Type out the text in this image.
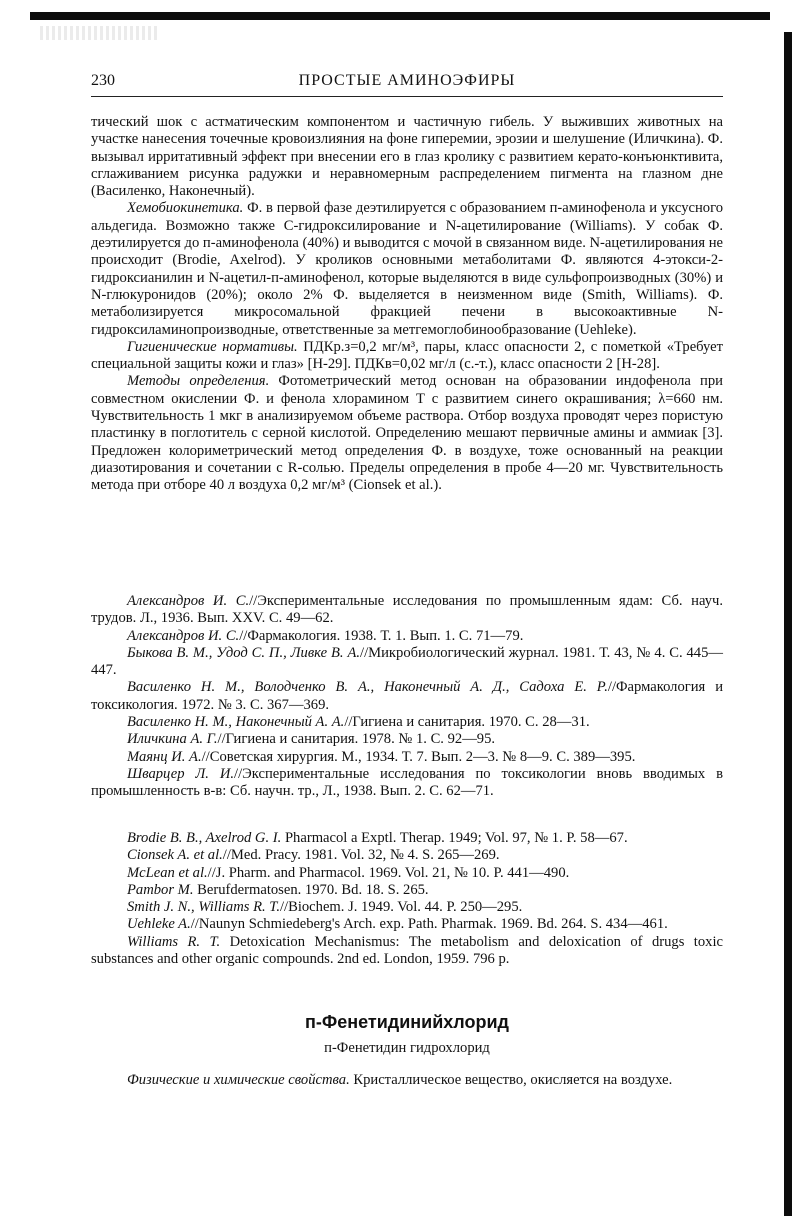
230	ПРОСТЫЕ АМИНОЭФИРЫ

тический шок с астматическим компонентом и частичную гибель. У выживших животных на участке нанесения точечные кровоизлияния на фоне гиперемии, эрозии и шелушение (Иличкина). Ф. вызывал ирритативный эффект при внесении его в глаз кролику с развитием керато-конъюнктивита, сглаживанием рисунка радужки и неравномерным распределением пигмента на глазном дне (Василенко, Наконечный).

Хемобиокинетика. Ф. в первой фазе деэтилируется с образованием п-аминофенола и уксусного альдегида. Возможно также С-гидроксилирование и N-ацетилирование (Williams). У собак Ф. деэтилируется до п-аминофенола (40%) и выводится с мочой в связанном виде. N-ацетилирования не происходит (Brodie, Axelrod). У кроликов основными метаболитами Ф. являются 4-этокси-2-гидроксианилин и N-ацетил-п-аминофенол, которые выделяются в виде сульфопроизводных (30%) и N-глюкуронидов (20%); около 2% Ф. выделяется в неизменном виде (Smith, Williams). Ф. метаболизируется микросомальной фракцией печени в высокоактивные N-гидроксиламинопроизводные, ответственные за метгемоглобинообразование (Uehleke).

Гигиенические нормативы. ПДКр.з=0,2 мг/м³, пары, класс опасности 2, с пометкой «Требует специальной защиты кожи и глаз» [Н-29]. ПДКв=0,02 мг/л (с.-т.), класс опасности 2 [Н-28].

Методы определения. Фотометрический метод основан на образовании индофенола при совместном окислении Ф. и фенола хлорамином Т с развитием синего окрашивания; λ=660 нм. Чувствительность 1 мкг в анализируемом объеме раствора. Отбор воздуха проводят через пористую пластинку в поглотитель с серной кислотой. Определению мешают первичные амины и аммиак [3]. Предложен колориметрический метод определения Ф. в воздухе, тоже основанный на реакции диазотирования и сочетании с R-солью. Пределы определения в пробе 4—20 мг. Чувствительность метода при отборе 40 л воздуха 0,2 мг/м³ (Cionsek et al.).

Александров И. С.//Экспериментальные исследования по промышленным ядам: Сб. науч. трудов. Л., 1936. Вып. XXV. С. 49—62.

Александров И. С.//Фармакология. 1938. Т. 1. Вып. 1. С. 71—79.

Быкова В. М., Удод С. П., Ливке В. А.//Микробиологический журнал. 1981. Т. 43, № 4. С. 445—447.

Василенко Н. М., Володченко В. А., Наконечный А. Д., Садоха Е. Р.//Фармакология и токсикология. 1972. № 3. С. 367—369.

Василенко Н. М., Наконечный А. А.//Гигиена и санитария. 1970. С. 28—31.

Иличкина А. Г.//Гигиена и санитария. 1978. № 1. С. 92—95.

Маянц И. А.//Советская хирургия. М., 1934. Т. 7. Вып. 2—3. № 8—9. С. 389—395.

Шварцер Л. И.//Экспериментальные исследования по токсикологии вновь вводимых в промышленность в-в: Сб. научн. тр., Л., 1938. Вып. 2. С. 62—71.

Brodie B. B., Axelrod G. I. Pharmacol a Exptl. Therap. 1949; Vol. 97, № 1. P. 58—67.

Cionsek A. et al.//Med. Pracy. 1981. Vol. 32, № 4. S. 265—269.

McLean et al.//J. Pharm. and Pharmacol. 1969. Vol. 21, № 10. P. 441—490.

Pambor M. Berufdermatosen. 1970. Bd. 18. S. 265.

Smith J. N., Williams R. T.//Biochem. J. 1949. Vol. 44. P. 250—295.

Uehleke A.//Naunyn Schmiedeberg's Arch. exp. Path. Pharmak. 1969. Bd. 264. S. 434—461.

Williams R. T. Detoxication Mechanismus: The metabolism and deloxication of drugs toxic substances and other organic compounds. 2nd ed. London, 1959. 796 p.

п-Фенетидинийхлорид
п-Фенетидин гидрохлорид

Физические и химические свойства. Кристаллическое вещество, окисляется на воздухе.
